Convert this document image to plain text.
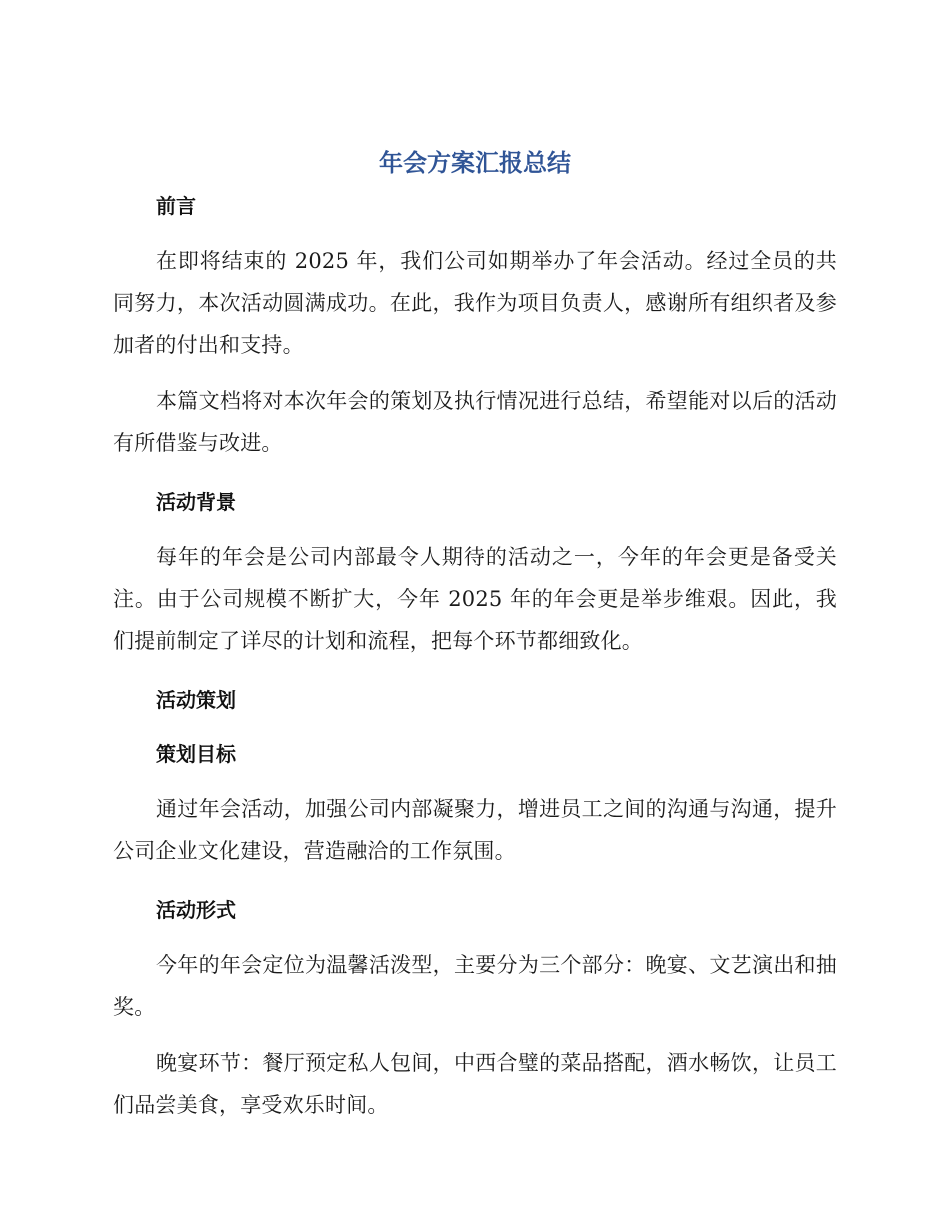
年会方案汇报总结
前言

在即将结束的 2025 年，我们公司如期举办了年会活动。经过全员的共同努力，本次活动圆满成功。在此，我作为项目负责人，感谢所有组织者及参加者的付出和支持。

本篇文档将对本次年会的策划及执行情况进行总结，希望能对以后的活动有所借鉴与改进。

活动背景

每年的年会是公司内部最令人期待的活动之一，今年的年会更是备受关注。由于公司规模不断扩大，今年 2025 年的年会更是举步维艰。因此，我们提前制定了详尽的计划和流程，把每个环节都细致化。

活动策划
策划目标

通过年会活动，加强公司内部凝聚力，增进员工之间的沟通与沟通，提升公司企业文化建设，营造融洽的工作氛围。

活动形式

今年的年会定位为温馨活泼型，主要分为三个部分：晚宴、文艺演出和抽奖。

晚宴环节：餐厅预定私人包间，中西合璧的菜品搭配，酒水畅饮，让员工们品尝美食，享受欢乐时间。
